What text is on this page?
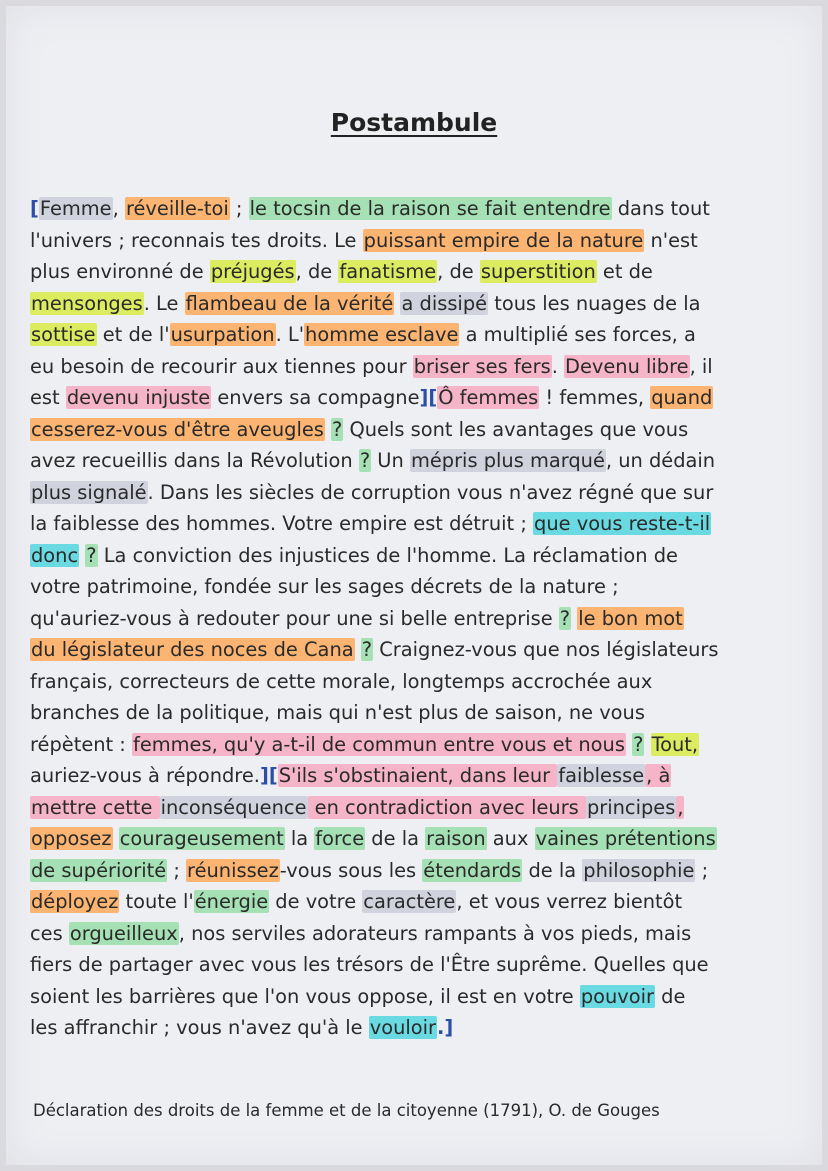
Postambule
[Femme, réveille-toi ; le tocsin de la raison se fait entendre dans tout
l'univers ; reconnais tes droits. Le puissant empire de la nature n'est
plus environné de préjugés, de fanatisme, de superstition et de
mensonges. Le flambeau de la vérité a dissipé tous les nuages de la
sottise et de l'usurpation. L'homme esclave a multiplié ses forces, a
eu besoin de recourir aux tiennes pour briser ses fers. Devenu libre, il
est devenu injuste envers sa compagne][Ô femmes ! femmes, quand
cesserez-vous d'être aveugles ? Quels sont les avantages que vous
avez recueillis dans la Révolution ? Un mépris plus marqué, un dédain
plus signalé. Dans les siècles de corruption vous n'avez régné que sur
la faiblesse des hommes. Votre empire est détruit ; que vous reste-t-il
donc ? La conviction des injustices de l'homme. La réclamation de
votre patrimoine, fondée sur les sages décrets de la nature ;
qu'auriez-vous à redouter pour une si belle entreprise ? le bon mot
du législateur des noces de Cana ? Craignez-vous que nos législateurs
français, correcteurs de cette morale, longtemps accrochée aux
branches de la politique, mais qui n'est plus de saison, ne vous
répètent : femmes, qu'y a-t-il de commun entre vous et nous ? Tout,
auriez-vous à répondre.][S'ils s'obstinaient, dans leur faiblesse , à
mettre cette inconséquence en contradiction avec leurs principes ,
opposez courageusement la force de la raison aux vaines prétentions
de supériorité ; réunissez-vous sous les étendards de la philosophie ;
déployez toute l'énergie de votre caractère, et vous verrez bientôt
ces orgueilleux, nos serviles adorateurs rampants à vos pieds, mais
fiers de partager avec vous les trésors de l'Être suprême. Quelles que
soient les barrières que l'on vous oppose, il est en votre pouvoir de
les affranchir ; vous n'avez qu'à le vouloir.]
Déclaration des droits de la femme et de la citoyenne (1791), O. de Gouges
